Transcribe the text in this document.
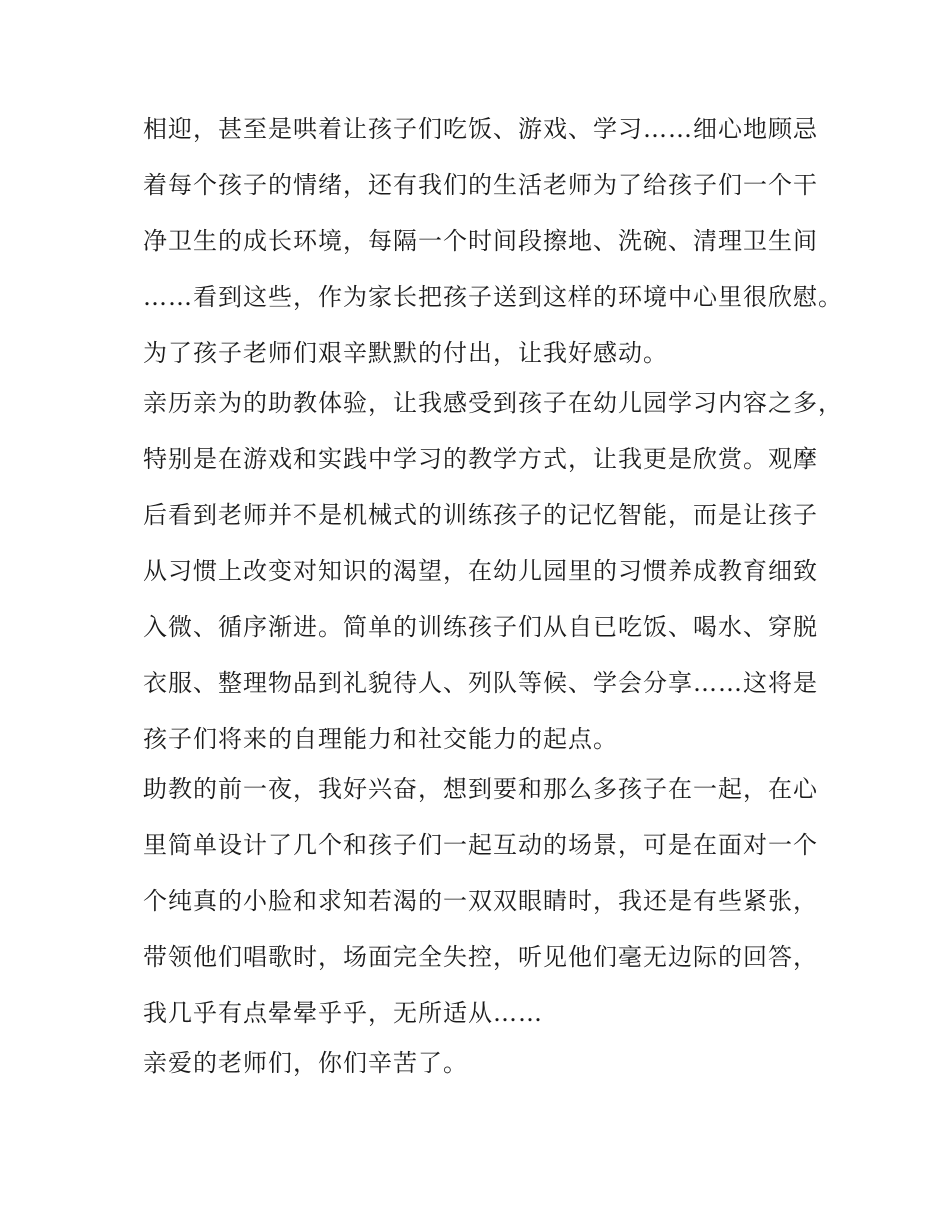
相迎，甚至是哄着让孩子们吃饭、游戏、学习……细心地顾忌
着每个孩子的情绪，还有我们的生活老师为了给孩子们一个干
净卫生的成长环境，每隔一个时间段擦地、洗碗、清理卫生间
……看到这些，作为家长把孩子送到这样的环境中心里很欣慰。
为了孩子老师们艰辛默默的付出，让我好感动。
亲历亲为的助教体验，让我感受到孩子在幼儿园学习内容之多，
特别是在游戏和实践中学习的教学方式，让我更是欣赏。观摩
后看到老师并不是机械式的训练孩子的记忆智能，而是让孩子
从习惯上改变对知识的渴望，在幼儿园里的习惯养成教育细致
入微、循序渐进。简单的训练孩子们从自已吃饭、喝水、穿脱
衣服、整理物品到礼貌待人、列队等候、学会分享……这将是
孩子们将来的自理能力和社交能力的起点。
助教的前一夜，我好兴奋，想到要和那么多孩子在一起，在心
里简单设计了几个和孩子们一起互动的场景，可是在面对一个
个纯真的小脸和求知若渴的一双双眼睛时，我还是有些紧张，
带领他们唱歌时，场面完全失控，听见他们毫无边际的回答，
我几乎有点晕晕乎乎，无所适从……
亲爱的老师们，你们辛苦了。
